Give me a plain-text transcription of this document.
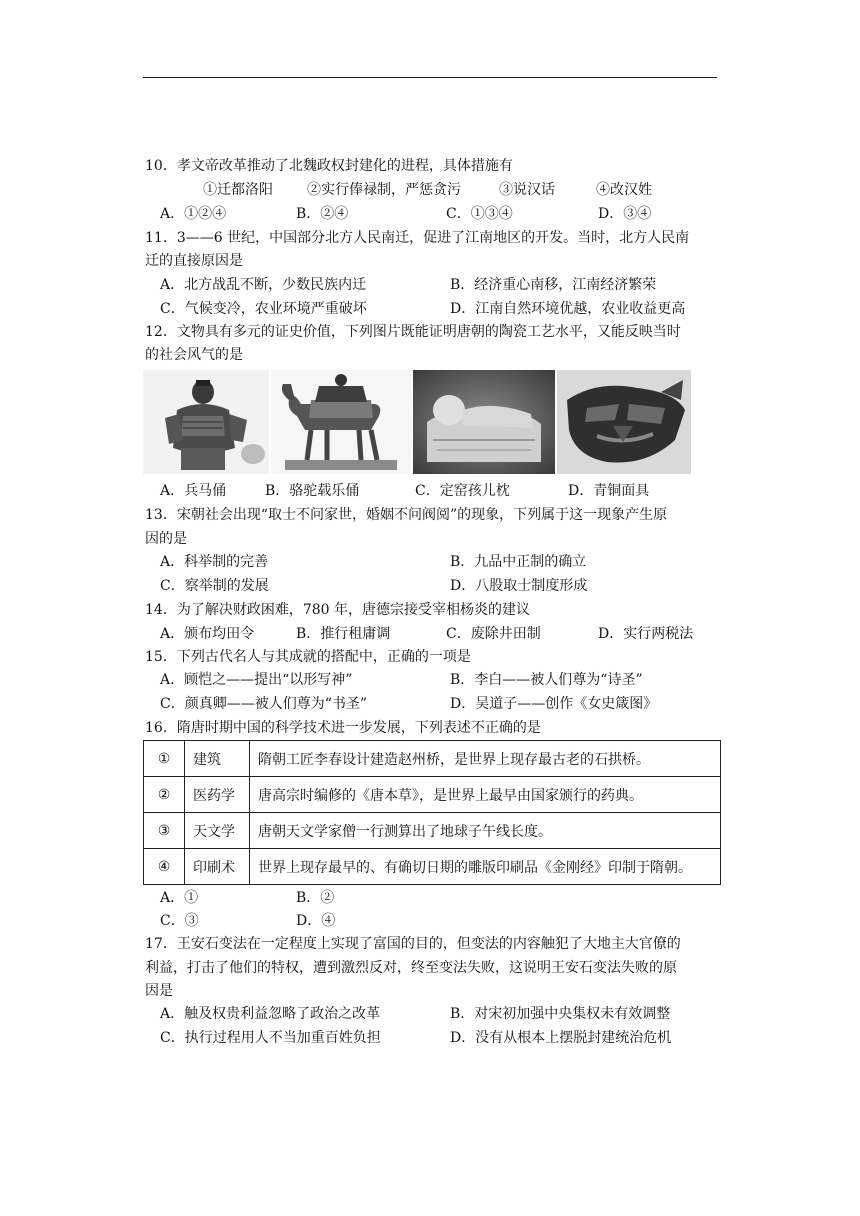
10．孝文帝改革推动了北魏政权封建化的进程，具体措施有
①迁都洛阳 ②实行俸禄制，严惩贪污	③说汉话	④改汉姓
A．①②④	B．②④	C．①③④	D．③④
11．3——6 世纪，中国部分北方人民南迁，促进了江南地区的开发。当时，北方人民南
迁的直接原因是
A．北方战乱不断，少数民族内迁	B．经济重心南移，江南经济繁荣
C．气候变冷，农业环境严重破坏	D．江南自然环境优越，农业收益更高
12．文物具有多元的证史价值，下列图片既能证明唐朝的陶瓷工艺水平，又能反映当时
的社会风气的是
A．兵马俑	B．骆驼载乐俑	C．定窑孩儿枕	D．青铜面具
13．宋朝社会出现“取士不问家世，婚姻不问阀阅”的现象，下列属于这一现象产生原
因的是
A．科举制的完善	B．九品中正制的确立
C．察举制的发展	D．八股取士制度形成
14．为了解决财政困难，780 年，唐德宗接受宰相杨炎的建议
A．颁布均田令	B．推行租庸调	C．废除井田制	D．实行两税法
15．下列古代名人与其成就的搭配中，正确的一项是
A．顾恺之——提出“以形写神”	B．李白——被人们尊为“诗圣”
C．颜真卿——被人们尊为“书圣”	D．吴道子——创作《女史箴图》
16．隋唐时期中国的科学技术进一步发展，下列表述不正确的是
①	建筑	隋朝工匠李春设计建造赵州桥，是世界上现存最古老的石拱桥。
②	医药学	唐高宗时编修的《唐本草》，是世界上最早由国家颁行的药典。
③	天文学	唐朝天文学家僧一行测算出了地球子午线长度。
④	印刷术	世界上现存最早的、有确切日期的雕版印刷品《金刚经》印制于隋朝。
A．①	B．②
C．③	D．④
17．王安石变法在一定程度上实现了富国的目的，但变法的内容触犯了大地主大官僚的
利益，打击了他们的特权，遭到激烈反对，终至变法失败，这说明王安石变法失败的原
因是
A．触及权贵利益忽略了政治之改革	B．对宋初加强中央集权未有效调整
C．执行过程用人不当加重百姓负担	D．没有从根本上摆脱封建统治危机
